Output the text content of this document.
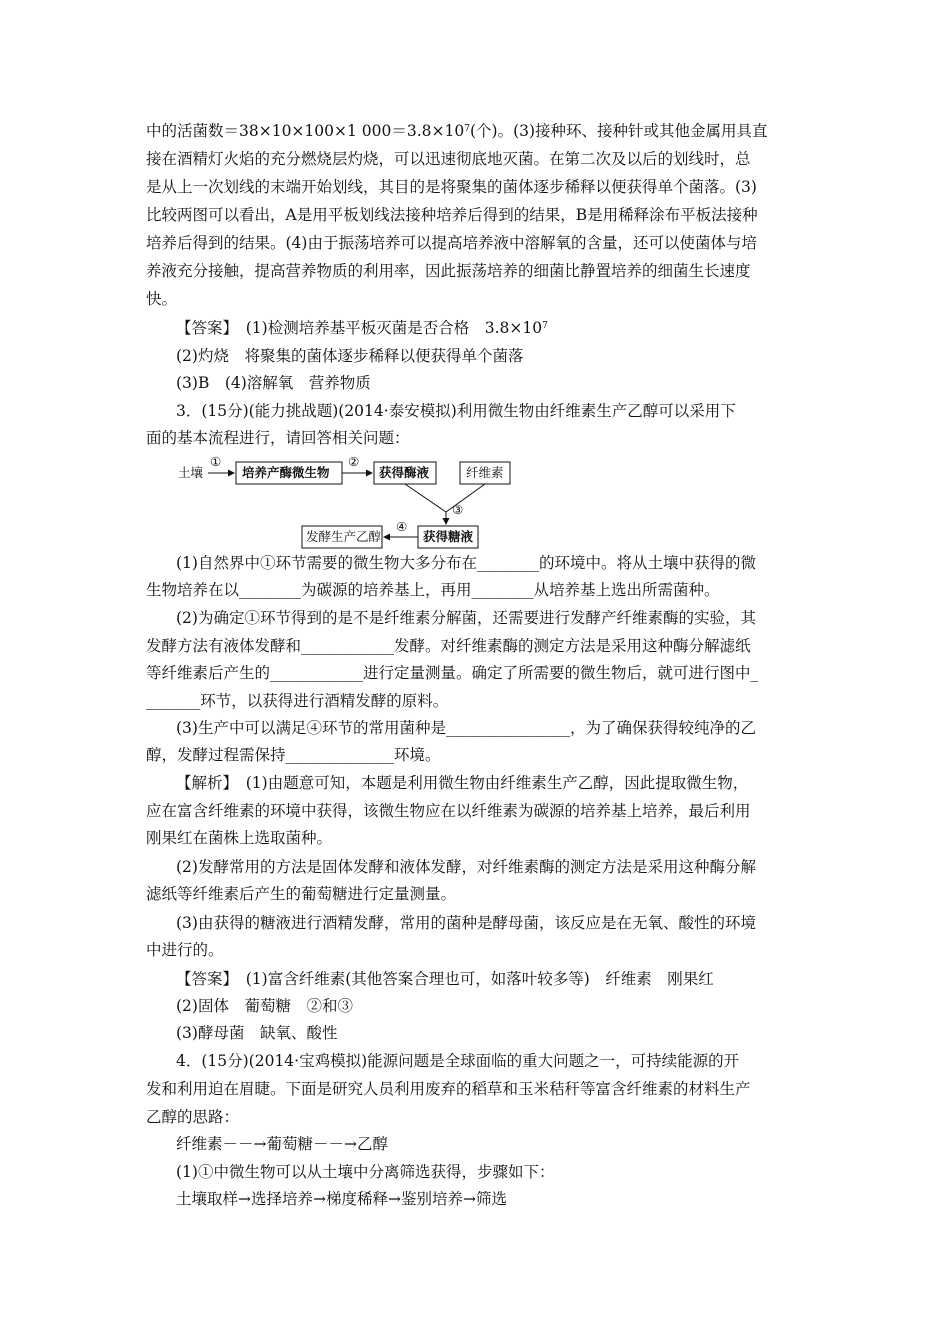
中的活菌数＝38×10×100×1 $000=3.8\times 10^7$(个)。(3)接种环、接种针或其他金属用具直
接在酒精灯火焰的充分燃烧层灼烧，可以迅速彻底地灭菌。在第二次及以后的划线时，总
是从上一次划线的末端开始划线，其目的是将聚集的菌体逐步稀释以便获得单个菌落。(3)
比较两图可以看出，A是用平板划线法接种培养后得到的结果，B是用稀释涂布平板法接种
培养后得到的结果。(4)由于振荡培养可以提高培养液中溶解氧的含量，还可以使菌体与培
养液充分接触，提高营养物质的利用率，因此振荡培养的细菌比静置培养的细菌生长速度
快。
【答案】　(1)检测培养基平板灭菌是否合格　$3.8\times 10^7$
(2)灼烧　将聚集的菌体逐步稀释以便获得单个菌落
(3)B　(4)溶解氧　营养物质
3．(15分)(能力挑战题)(2014·泰安模拟)利用微生物由纤维素生产乙醇可以采用下
面的基本流程进行，请回答相关问题：
土壤
①
培养产酶微生物
②
获得酶液	纤维素
③
获得糖液
④
发酵生产乙醇
(1)自然界中①环节需要的微生物大多分布在________的环境中。将从土壤中获得的微
生物培养在以________为碳源的培养基上，再用________从培养基上选出所需菌种。
(2)为确定①环节得到的是不是纤维素分解菌，还需要进行发酵产纤维素酶的实验，其
发酵方法有液体发酵和____________发酵。对纤维素酶的测定方法是采用这种酶分解滤纸
等纤维素后产生的____________进行定量测量。确定了所需要的微生物后，就可进行图中_
_______环节，以获得进行酒精发酵的原料。
(3)生产中可以满足④环节的常用菌种是________________，为了确保获得较纯净的乙
醇，发酵过程需保持______________环境。
【解析】　(1)由题意可知，本题是利用微生物由纤维素生产乙醇，因此提取微生物，
应在富含纤维素的环境中获得，该微生物应在以纤维素为碳源的培养基上培养，最后利用
刚果红在菌株上选取菌种。
(2)发酵常用的方法是固体发酵和液体发酵，对纤维素酶的测定方法是采用这种酶分解
滤纸等纤维素后产生的葡萄糖进行定量测量。
(3)由获得的糖液进行酒精发酵，常用的菌种是酵母菌，该反应是在无氧、酸性的环境
中进行的。
【答案】　(1)富含纤维素(其他答案合理也可，如落叶较多等)　纤维素　刚果红
(2)固体　葡萄糖　②和③
(3)酵母菌　缺氧、酸性
4．(15分)(2014·宝鸡模拟)能源问题是全球面临的重大问题之一，可持续能源的开
发和利用迫在眉睫。下面是研究人员利用废弃的稻草和玉米秸秆等富含纤维素的材料生产
乙醇的思路：
纤维素－－→葡萄糖－－→乙醇
(1)①中微生物可以从土壤中分离筛选获得，步骤如下：
土壤取样→选择培养→梯度稀释→鉴别培养→筛选
